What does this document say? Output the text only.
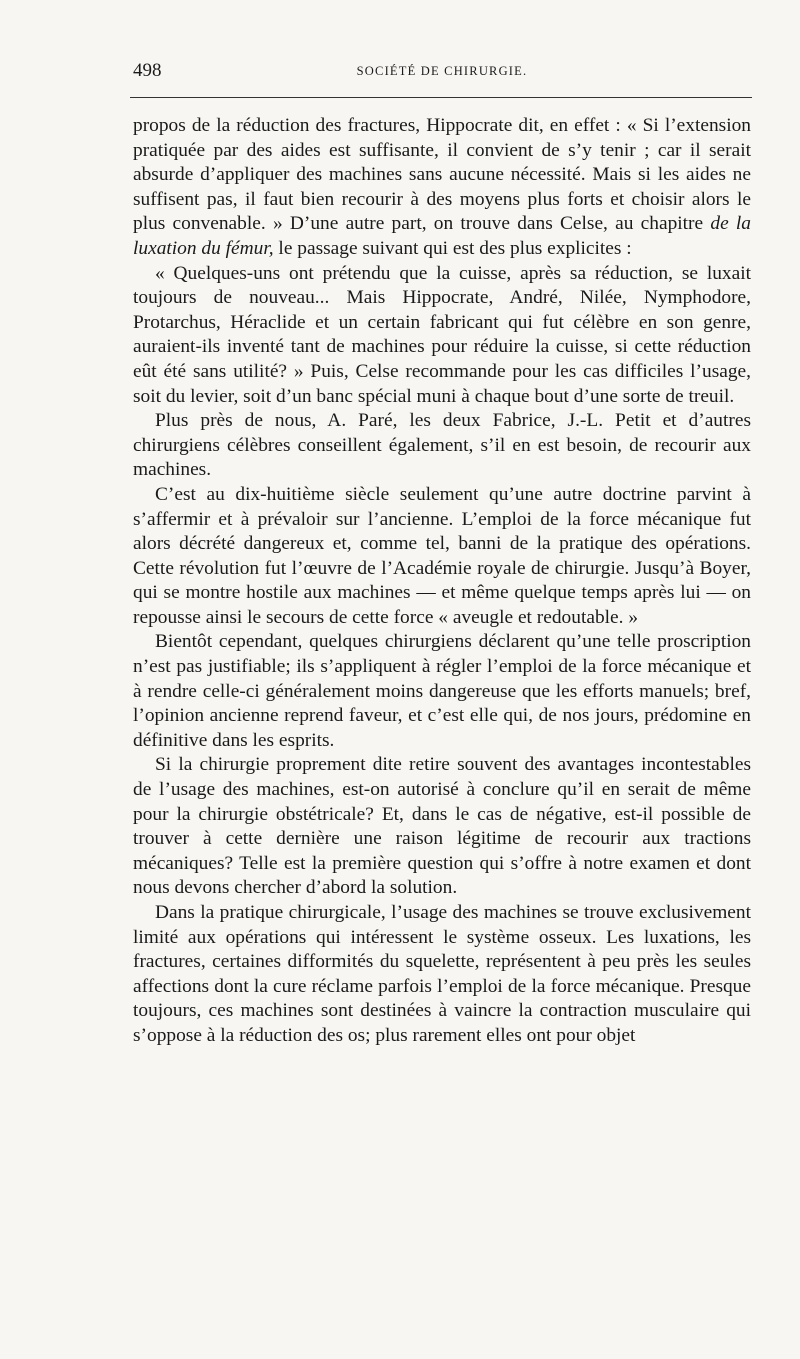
498	SOCIÉTÉ DE CHIRURGIE.

propos de la réduction des fractures, Hippocrate dit, en effet : « Si l’extension pratiquée par des aides est suffisante, il convient de s’y tenir ; car il serait absurde d’appliquer des machines sans aucune nécessité. Mais si les aides ne suffisent pas, il faut bien recourir à des moyens plus forts et choisir alors le plus convenable. » D’une autre part, on trouve dans Celse, au chapitre de la luxation du fémur, le passage suivant qui est des plus explicites :

« Quelques-uns ont prétendu que la cuisse, après sa réduction, se luxait toujours de nouveau... Mais Hippocrate, André, Nilée, Nymphodore, Protarchus, Héraclide et un certain fabricant qui fut célèbre en son genre, auraient-ils inventé tant de machines pour réduire la cuisse, si cette réduction eût été sans utilité? » Puis, Celse recommande pour les cas difficiles l’usage, soit du levier, soit d’un banc spécial muni à chaque bout d’une sorte de treuil.

Plus près de nous, A. Paré, les deux Fabrice, J.-L. Petit et d’autres chirurgiens célèbres conseillent également, s’il en est besoin, de recourir aux machines.

C’est au dix-huitième siècle seulement qu’une autre doctrine parvint à s’affermir et à prévaloir sur l’ancienne. L’emploi de la force mécanique fut alors décrété dangereux et, comme tel, banni de la pratique des opérations. Cette révolution fut l’œuvre de l’Académie royale de chirurgie. Jusqu’à Boyer, qui se montre hostile aux machines — et même quelque temps après lui — on repousse ainsi le secours de cette force « aveugle et redoutable. »

Bientôt cependant, quelques chirurgiens déclarent qu’une telle proscription n’est pas justifiable; ils s’appliquent à régler l’emploi de la force mécanique et à rendre celle-ci généralement moins dangereuse que les efforts manuels; bref, l’opinion ancienne reprend faveur, et c’est elle qui, de nos jours, prédomine en définitive dans les esprits.

Si la chirurgie proprement dite retire souvent des avantages incontestables de l’usage des machines, est-on autorisé à conclure qu’il en serait de même pour la chirurgie obstétricale? Et, dans le cas de négative, est-il possible de trouver à cette dernière une raison légitime de recourir aux tractions mécaniques? Telle est la première question qui s’offre à notre examen et dont nous devons chercher d’abord la solution.

Dans la pratique chirurgicale, l’usage des machines se trouve exclusivement limité aux opérations qui intéressent le système osseux. Les luxations, les fractures, certaines difformités du squelette, représentent à peu près les seules affections dont la cure réclame parfois l’emploi de la force mécanique. Presque toujours, ces machines sont destinées à vaincre la contraction musculaire qui s’oppose à la réduction des os; plus rarement elles ont pour objet
